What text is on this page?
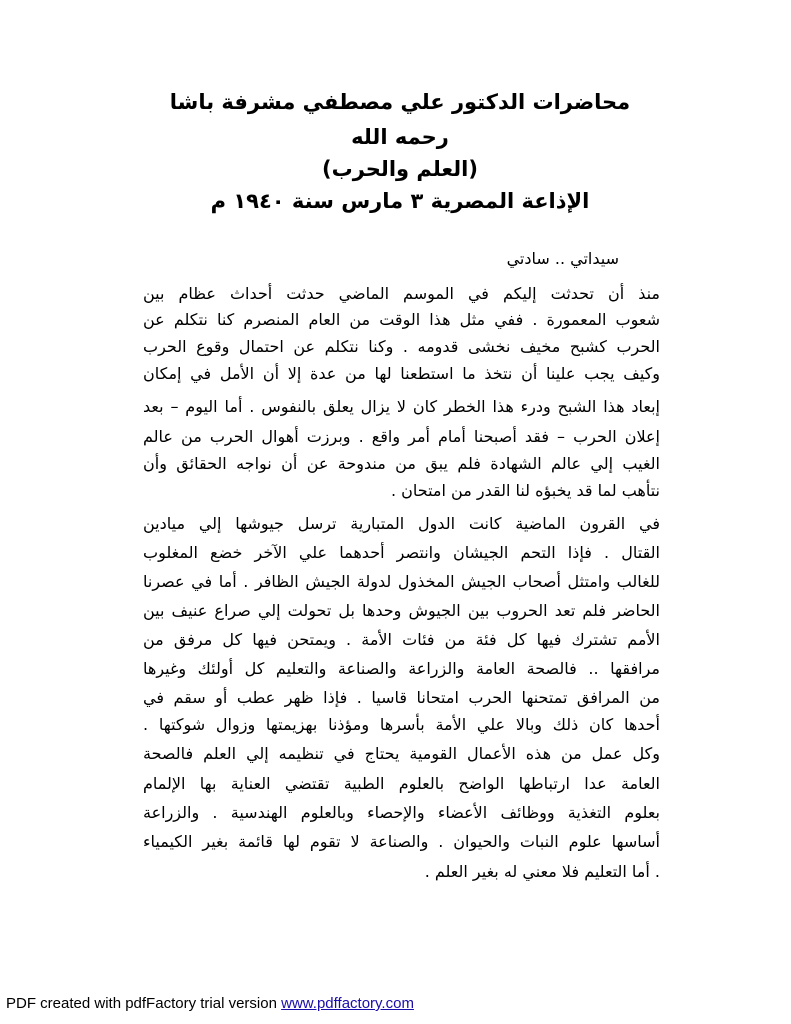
محاضرات الدكتور علي مصطفي مشرفة باشا
رحمه الله
(العلم والحرب)
الإذاعة المصرية ٣ مارس سنة ١٩٤٠ م
سيداتي .. سادتي
منذ أن تحدثت إليكم في الموسم الماضي حدثت أحداث عظام بين
شعوب المعمورة . ففي مثل هذا الوقت من العام المنصرم كنا نتكلم عن
الحرب كشبح مخيف نخشى قدومه . وكنا نتكلم عن احتمال وقوع الحرب
وكيف يجب علينا أن نتخذ ما استطعنا لها من عدة إلا أن الأمل في إمكان
إبعاد هذا الشبح ودرء هذا الخطر كان لا يزال يعلق بالنفوس . أما اليوم – بعد
إعلان الحرب – فقد أصبحنا أمام أمر واقع . وبرزت أهوال الحرب من عالم
الغيب إلي عالم الشهادة فلم يبق من مندوحة عن أن نواجه الحقائق وأن
نتأهب لما قد يخبؤه لنا القدر من امتحان .
في القرون الماضية كانت الدول المتبارية ترسل جيوشها إلي ميادين
القتال . فإذا التحم الجيشان وانتصر أحدهما علي الآخر خضع المغلوب
للغالب وامتثل أصحاب الجيش المخذول لدولة الجيش الظافر . أما في عصرنا
الحاضر فلم تعد الحروب بين الجيوش وحدها بل تحولت إلي صراع عنيف بين
الأمم تشترك فيها كل فئة من فئات الأمة . ويمتحن فيها كل مرفق من
مرافقها .. فالصحة العامة والزراعة والصناعة والتعليم كل أولئك وغيرها
من المرافق تمتحنها الحرب امتحانا قاسيا . فإذا ظهر عطب أو سقم في
أحدها كان ذلك وبالا علي الأمة بأسرها ومؤذنا بهزيمتها وزوال شوكتها .
وكل عمل من هذه الأعمال القومية يحتاج في تنظيمه إلي العلم فالصحة
العامة عدا ارتباطها الواضح بالعلوم الطبية تقتضي العناية بها الإلمام
بعلوم التغذية ووظائف الأعضاء والإحصاء وبالعلوم الهندسية . والزراعة
أساسها علوم النبات والحيوان . والصناعة لا تقوم لها قائمة بغير الكيمياء
. أما التعليم فلا معني له بغير العلم .
PDF created with pdfFactory trial version www.pdffactory.com
